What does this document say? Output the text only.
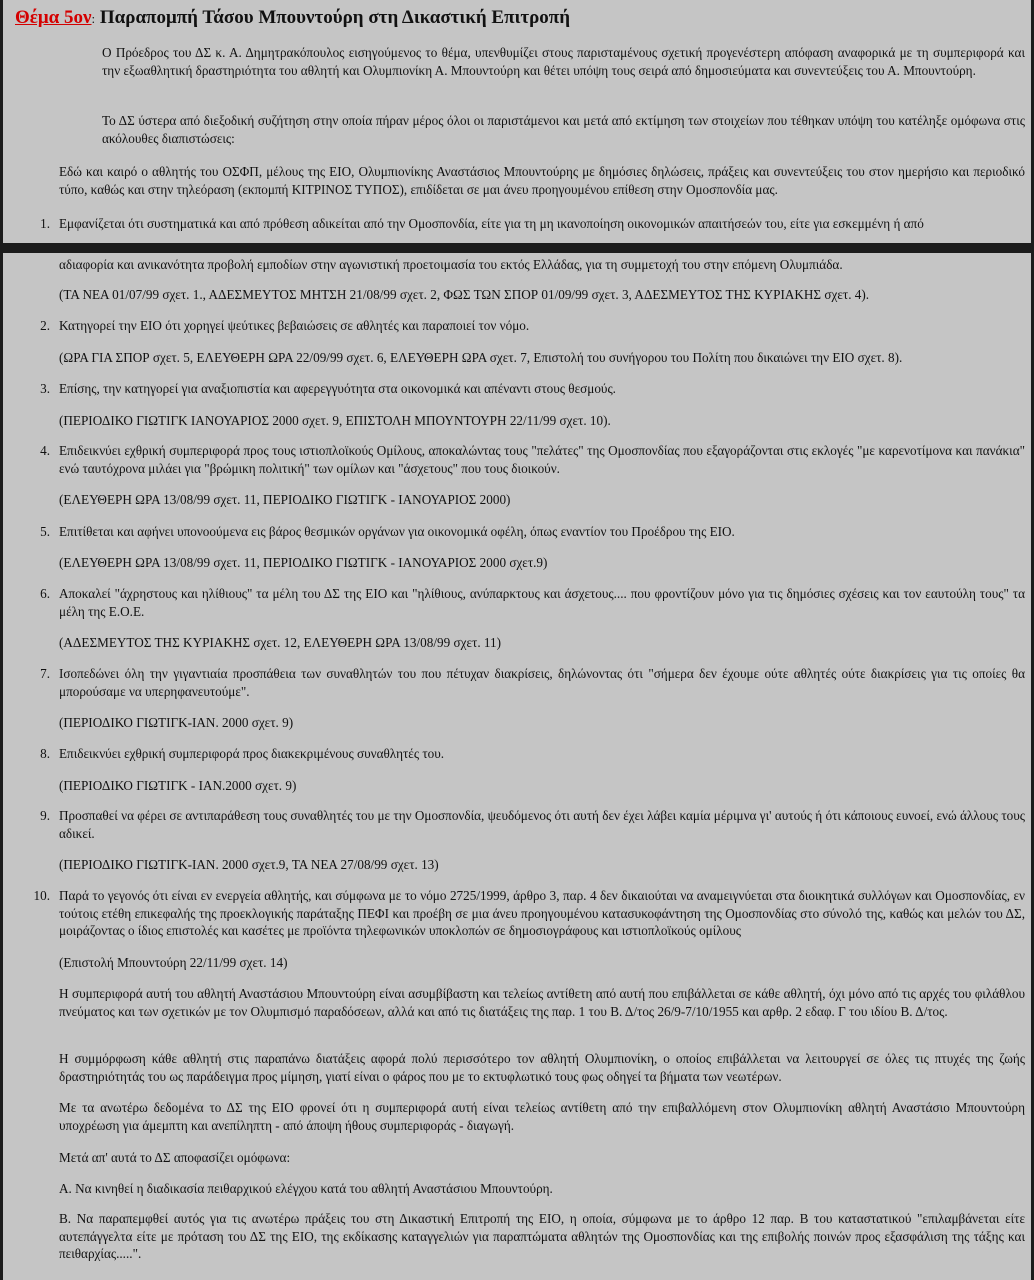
Θέμα 5ον: Παραπομπή Τάσου Μπουντούρη στη Δικαστική Επιτροπή

Ο Πρόεδρος του ΔΣ κ. Α. Δημητρακόπουλος εισηγούμενος το θέμα, υπενθυμίζει στους παρισταμένους σχετική προγενέστερη απόφαση αναφορικά με τη συμπεριφορά και την εξωαθλητική δραστηριότητα του αθλητή και Ολυμπιονίκη Α. Μπουντούρη και θέτει υπόψη τους σειρά από δημοσιεύματα και συνεντεύξεις του Α. Μπουντούρη.

Το ΔΣ ύστερα από διεξοδική συζήτηση στην οποία πήραν μέρος όλοι οι παριστάμενοι και μετά από εκτίμηση των στοιχείων που τέθηκαν υπόψη του κατέληξε ομόφωνα στις ακόλουθες διαπιστώσεις:

Εδώ και καιρό ο αθλητής του ΟΣΦΠ, μέλους της ΕΙΟ, Ολυμπιονίκης Αναστάσιος Μπουντούρης με δημόσιες δηλώσεις, πράξεις και συνεντεύξεις του στον ημερήσιο και περιοδικό τύπο, καθώς και στην τηλεόραση (εκπομπή ΚΙΤΡΙΝΟΣ ΤΥΠΟΣ), επιδίδεται σε μαι άνευ προηγουμένου επίθεση στην Ομοσπονδία μας.

1. Εμφανίζεται ότι συστηματικά και από πρόθεση αδικείται από την Ομοσπονδία, είτε για τη μη ικανοποίηση οικονομικών απαιτήσεών του, είτε για εσκεμμένη ή από

αδιαφορία και ανικανότητα προβολή εμποδίων στην αγωνιστική προετοιμασία του εκτός Ελλάδας, για τη συμμετοχή του στην επόμενη Ολυμπιάδα.

(ΤΑ ΝΕΑ 01/07/99 σχετ. 1., ΑΔΕΣΜΕΥΤΟΣ ΜΗΤΣΗ 21/08/99 σχετ. 2, ΦΩΣ ΤΩΝ ΣΠΟΡ 01/09/99 σχετ. 3, ΑΔΕΣΜΕΥΤΟΣ ΤΗΣ ΚΥΡΙΑΚΗΣ σχετ. 4).

2. Κατηγορεί την ΕΙΟ ότι χορηγεί ψεύτικες βεβαιώσεις σε αθλητές και παραποιεί τον νόμο.

(ΩΡΑ ΓΙΑ ΣΠΟΡ σχετ. 5, ΕΛΕΥΘΕΡΗ ΩΡΑ 22/09/99 σχετ. 6, ΕΛΕΥΘΕΡΗ ΩΡΑ σχετ. 7, Επιστολή του συνήγορου του Πολίτη που δικαιώνει την ΕΙΟ σχετ. 8).

3. Επίσης, την κατηγορεί για αναξιοπιστία και αφερεγγυότητα στα οικονομικά και απέναντι στους θεσμούς.

(ΠΕΡΙΟΔΙΚΟ ΓΙΩΤΙΓΚ ΙΑΝΟΥΑΡΙΟΣ 2000 σχετ. 9, ΕΠΙΣΤΟΛΗ ΜΠΟΥΝΤΟΥΡΗ 22/11/99 σχετ. 10).

4. Επιδεικνύει εχθρική συμπεριφορά προς τους ιστιοπλοϊκούς Ομίλους, αποκαλώντας τους "πελάτες" της Ομοσπονδίας που εξαγοράζονται στις εκλογές "με καρενοτίμονα και πανάκια" ενώ ταυτόχρονα μιλάει για "βρώμικη πολιτική" των ομίλων και "άσχετους" που τους διοικούν.

(ΕΛΕΥΘΕΡΗ ΩΡΑ 13/08/99 σχετ. 11, ΠΕΡΙΟΔΙΚΟ ΓΙΩΤΙΓΚ - ΙΑΝΟΥΑΡΙΟΣ 2000)

5. Επιτίθεται και αφήνει υπονοούμενα εις βάρος θεσμικών οργάνων για οικονομικά οφέλη, όπως εναντίον του Προέδρου της ΕΙΟ.

(ΕΛΕΥΘΕΡΗ ΩΡΑ 13/08/99 σχετ. 11, ΠΕΡΙΟΔΙΚΟ ΓΙΩΤΙΓΚ - ΙΑΝΟΥΑΡΙΟΣ 2000 σχετ.9)

6. Αποκαλεί "άχρηστους και ηλίθιους" τα μέλη του ΔΣ της ΕΙΟ και "ηλίθιους, ανύπαρκτους και άσχετους.... που φροντίζουν μόνο για τις δημόσιες σχέσεις και τον εαυτούλη τους" τα μέλη της Ε.Ο.Ε.

(ΑΔΕΣΜΕΥΤΟΣ ΤΗΣ ΚΥΡΙΑΚΗΣ σχετ. 12, ΕΛΕΥΘΕΡΗ ΩΡΑ 13/08/99 σχετ. 11)

7. Ισοπεδώνει όλη την γιγαντιαία προσπάθεια των συναθλητών του που πέτυχαν διακρίσεις, δηλώνοντας ότι "σήμερα δεν έχουμε ούτε αθλητές ούτε διακρίσεις για τις οποίες θα μπορούσαμε να υπερηφανευτούμε".

(ΠΕΡΙΟΔΙΚΟ ΓΙΩΤΙΓΚ-ΙΑΝ. 2000 σχετ. 9)

8. Επιδεικνύει εχθρική συμπεριφορά προς διακεκριμένους συναθλητές του.

(ΠΕΡΙΟΔΙΚΟ ΓΙΩΤΙΓΚ - ΙΑΝ.2000 σχετ. 9)

9. Προσπαθεί να φέρει σε αντιπαράθεση τους συναθλητές του με την Ομοσπονδία, ψευδόμενος ότι αυτή δεν έχει λάβει καμία μέριμνα γι' αυτούς ή ότι κάποιους ευνοεί, ενώ άλλους τους αδικεί.

(ΠΕΡΙΟΔΙΚΟ ΓΙΩΤΙΓΚ-ΙΑΝ. 2000 σχετ.9, ΤΑ ΝΕΑ 27/08/99 σχετ. 13)

10. Παρά το γεγονός ότι είναι εν ενεργεία αθλητής, και σύμφωνα με το νόμο 2725/1999, άρθρο 3, παρ. 4 δεν δικαιούται να αναμειγνύεται στα διοικητικά συλλόγων και Ομοσπονδίας, εν τούτοις ετέθη επικεφαλής της προεκλογικής παράταξης ΠΕΦΙ και προέβη σε μια άνευ προηγουμένου κατασυκοφάντηση της Ομοσπονδίας στο σύνολό της, καθώς και μελών του ΔΣ, μοιράζοντας ο ίδιος επιστολές και κασέτες με προϊόντα τηλεφωνικών υποκλοπών σε δημοσιογράφους και ιστιοπλοϊκούς ομίλους

(Επιστολή Μπουντούρη 22/11/99 σχετ. 14)

Η συμπεριφορά αυτή του αθλητή Αναστάσιου Μπουντούρη είναι ασυμβίβαστη και τελείως αντίθετη από αυτή που επιβάλλεται σε κάθε αθλητή, όχι μόνο από τις αρχές του φιλάθλου πνεύματος και των σχετικών με τον Ολυμπισμό παραδόσεων, αλλά και από τις διατάξεις της παρ. 1 του Β. Δ/τος 26/9-7/10/1955 και αρθρ. 2 εδαφ. Γ του ιδίου Β. Δ/τος.

Η συμμόρφωση κάθε αθλητή στις παραπάνω διατάξεις αφορά πολύ περισσότερο τον αθλητή Ολυμπιονίκη, ο οποίος επιβάλλεται να λειτουργεί σε όλες τις πτυχές της ζωής δραστηριότητάς του ως παράδειγμα προς μίμηση, γιατί είναι ο φάρος που με το εκτυφλωτικό τους φως οδηγεί τα βήματα των νεωτέρων.

Με τα ανωτέρω δεδομένα το ΔΣ της ΕΙΟ φρονεί ότι η συμπεριφορά αυτή είναι τελείως αντίθετη από την επιβαλλόμενη στον Ολυμπιονίκη αθλητή Αναστάσιο Μπουντούρη υποχρέωση για άμεμπτη και ανεπίληπτη - από άποψη ήθους συμπεριφοράς - διαγωγή.

Μετά απ' αυτά το ΔΣ αποφασίζει ομόφωνα:

Α. Να κινηθεί η διαδικασία πειθαρχικού ελέγχου κατά του αθλητή Αναστάσιου Μπουντούρη.

Β. Να παραπεμφθεί αυτός για τις ανωτέρω πράξεις του στη Δικαστική Επιτροπή της ΕΙΟ, η οποία, σύμφωνα με το άρθρο 12 παρ. Β του καταστατικού "επιλαμβάνεται είτε αυτεπάγγελτα είτε με πρόταση του ΔΣ της ΕΙΟ, της εκδίκασης καταγγελιών για παραπτώματα αθλητών της Ομοσπονδίας και της επιβολής ποινών προς εξασφάλιση της τάξης και πειθαρχίας.....".
